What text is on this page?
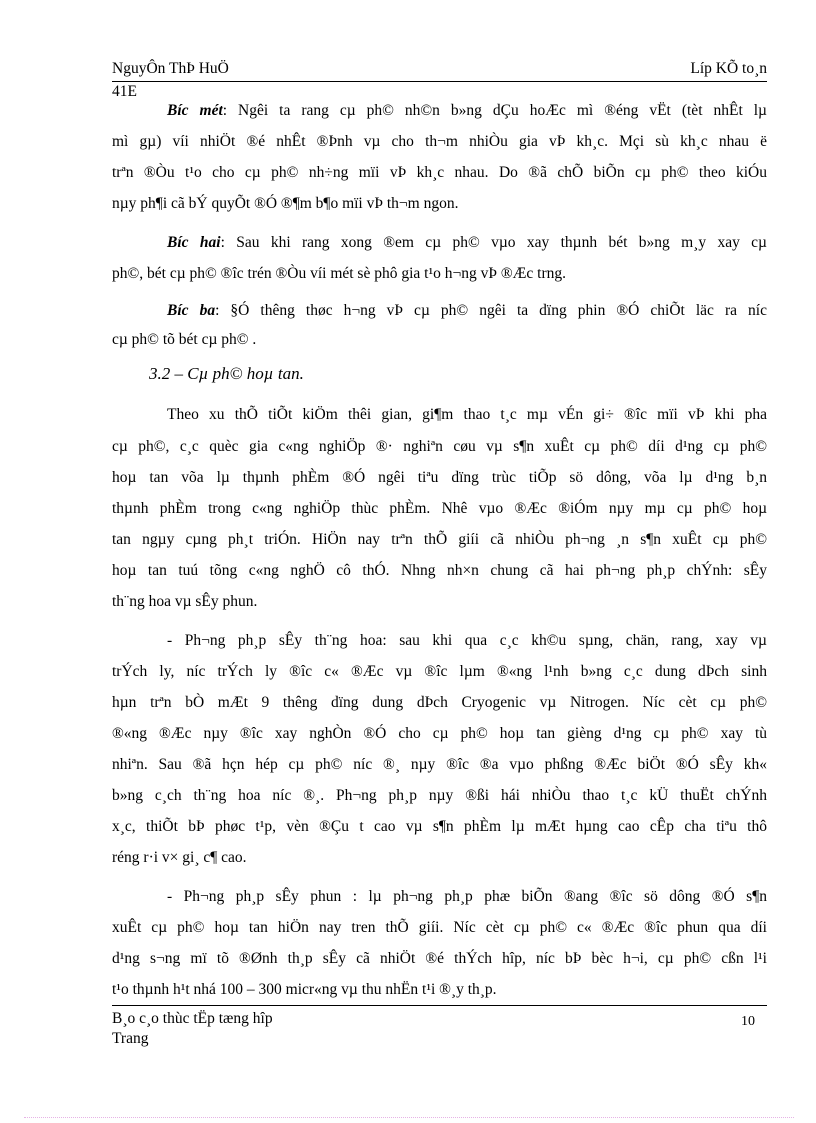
NguyÔn ThÞ HuÖ	Líp KÕ to¸n
41E
Bíc mét: Ngêi ta rang cµ ph© nh©n b»ng dÇu hoÆc mì ®éng vËt (tèt nhÊt lµ
mì gµ) víi nhiÖt ®é nhÊt ®Þnh vµ cho th¬m nhiÒu gia vÞ kh¸c. Mçi sù kh¸c nhau ë
trªn ®Òu t¹o cho cµ ph© nh÷ng mïi vÞ kh¸c nhau. Do ®ã chÕ biÕn cµ ph© theo kiÓu
nµy ph¶i cã bÝ quyÕt ®Ó ®¶m b¶o mïi vÞ th¬m ngon.
Bíc hai: Sau khi rang xong ®em cµ ph© vµo xay thµnh bét b»ng m¸y xay cµ
ph©, bét cµ ph© ®îc trén ®Òu víi mét sè phô gia t¹o h¬ng vÞ ®Æc trng.
Bíc ba: §Ó thêng thøc h¬ng vÞ cµ ph© ngêi ta dïng phin ®Ó chiÕt läc ra níc
cµ ph© tõ bét cµ ph© .
3.2 – Cµ ph© hoµ tan.
Theo xu thÕ tiÕt kiÖm thêi gian, gi¶m thao t¸c mµ vÉn gi÷ ®îc mïi vÞ khi pha
cµ ph©, c¸c quèc gia c«ng nghiÖp ®· nghiªn cøu vµ s¶n xuÊt cµ ph© díi d¹ng cµ ph©
hoµ tan võa lµ thµnh phÈm ®Ó ngêi tiªu dïng trùc tiÕp sö dông, võa lµ d¹ng b¸n
thµnh phÈm trong c«ng nghiÖp thùc phÈm. Nhê vµo ®Æc ®iÓm nµy mµ cµ ph© hoµ
tan ngµy cµng ph¸t triÓn. HiÖn nay trªn thÕ giíi cã nhiÒu ph¬ng ¸n s¶n xuÊt cµ ph©
hoµ tan tuú tõng c«ng nghÖ cô thÓ. Nhng nh×n chung cã hai ph¬ng ph¸p chÝnh: sÊy
th¨ng hoa vµ sÊy phun.
- Ph¬ng ph¸p sÊy th¨ng hoa: sau khi qua c¸c kh©u sµng, chän, rang, xay vµ
trÝch ly, níc trÝch ly ®îc c« ®Æc vµ ®îc lµm ®«ng l¹nh b»ng c¸c dung dÞch sinh
hµn trªn bÒ mÆt 9 thêng dïng dung dÞch Cryogenic vµ Nitrogen. Níc cèt cµ ph©
®«ng ®Æc nµy ®îc xay nghÒn ®Ó cho cµ ph© hoµ tan gièng d¹ng cµ ph© xay tù
nhiªn. Sau ®ã hçn hép cµ ph© níc ®¸ nµy ®îc ®a vµo phßng ®Æc biÖt ®Ó sÊy kh«
b»ng c¸ch th¨ng hoa níc ®¸. Ph¬ng ph¸p nµy ®ßi hái nhiÒu thao t¸c kÜ thuËt chÝnh
x¸c, thiÕt bÞ phøc t¹p, vèn ®Çu t cao vµ s¶n phÈm lµ mÆt hµng cao cÊp cha tiªu thô
réng r·i v× gi¸ c¶ cao.
- Ph¬ng ph¸p sÊy phun : lµ ph¬ng ph¸p phæ biÕn ®ang ®îc sö dông ®Ó s¶n
xuÊt cµ ph© hoµ tan hiÖn nay tren thÕ giíi. Níc cèt cµ ph© c« ®Æc ®îc phun qua díi
d¹ng s¬ng mï tõ ®Ønh th¸p sÊy cã nhiÖt ®é thÝch hîp, níc bÞ bèc h¬i, cµ ph© cßn l¹i
t¹o thµnh h¹t nhá 100 – 300 micr«ng vµ thu nhËn t¹i ®¸y th¸p.
B¸o c¸o thùc tËp tæng hîp
Trang
10
